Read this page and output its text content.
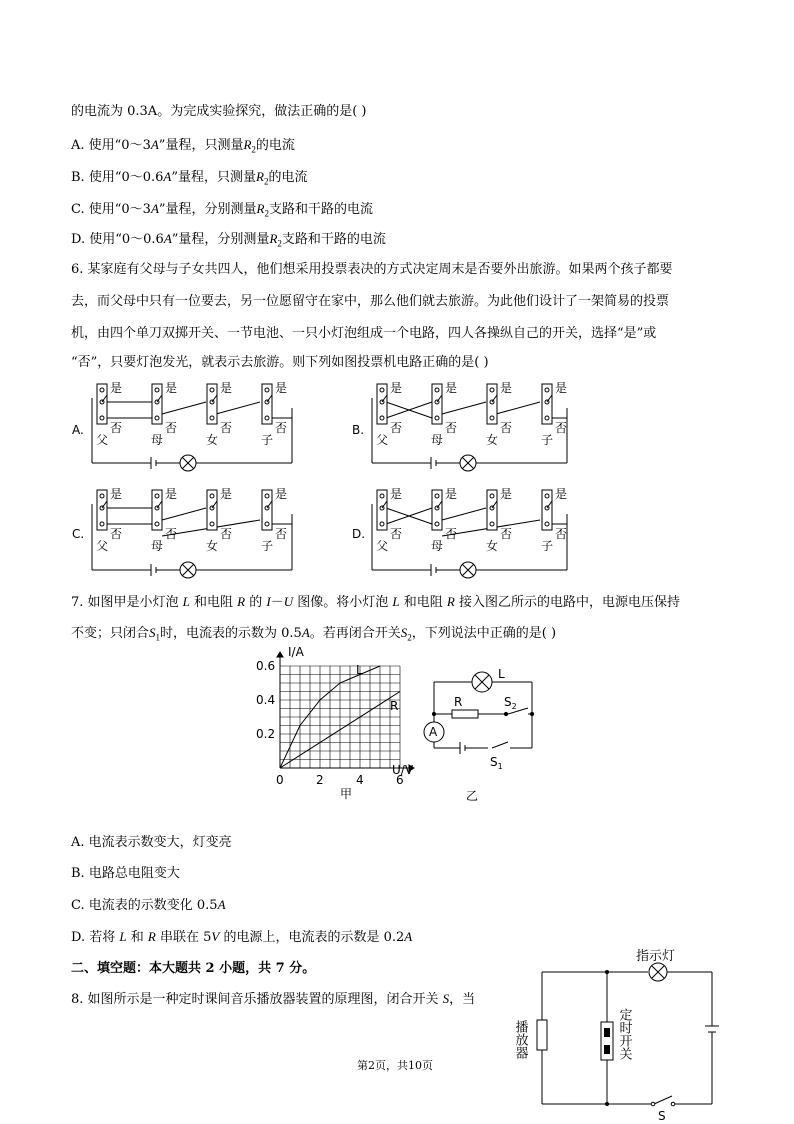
的电流为 0.3A。为完成实验探究，做法正确的是( )
A. 使用“0～3A”量程，只测量$R_2$的电流
B. 使用“0～0.6A”量程，只测量$R_2$的电流
C. 使用“0～3A”量程，分别测量$R_2$支路和干路的电流
D. 使用“0～0.6A”量程，分别测量$R_2$支路和干路的电流
6. 某家庭有父母与子女共四人，他们想采用投票表决的方式决定周末是否要外出旅游。如果两个孩子都要
去，而父母中只有一位要去，另一位愿留守在家中，那么他们就去旅游。为此他们设计了一架简易的投票
机，由四个单刀双掷开关、一节电池、一只小灯泡组成一个电路，四人各操纵自己的开关，选择“是”或
“否”，只要灯泡发光，就表示去旅游。则下列如图投票机电路正确的是( )
A.	B.
C.	D.
是	是	是	是
否	否	否	否
父	母	女	子
是	是	是	是
否	否	否	否
父	母	女	子
是	是	是	是
否	否	否	否
父	母	女	子
是	是	是	是
否	否	否	否
父	母	女	子
7. 如图甲是小灯泡 L 和电阻 R 的 I－U 图像。将小灯泡 L 和电阻 R 接入图乙所示的电路中，电源电压保持
不变；只闭合$S_1$时，电流表的示数为 0.5A。若再闭合开关$S_2$，下列说法中正确的是( )
0.6
0.4
0.2
0	2	4	6
I/A
U/V
L
R
甲
L
R	$S_2$
A
$S_1$
乙
A. 电流表示数变大，灯变亮
B. 电路总电阻变大
C. 电流表的示数变化 0.5A
D. 若将 L 和 R 串联在 5V 的电源上，电流表的示数是 0.2A
二、填空题：本大题共 2 小题，共 7 分。
8. 如图所示是一种定时课间音乐播放器装置的原理图，闭合开关 S，当
指示灯
播放器	定时开关
S
第2页，共10页
